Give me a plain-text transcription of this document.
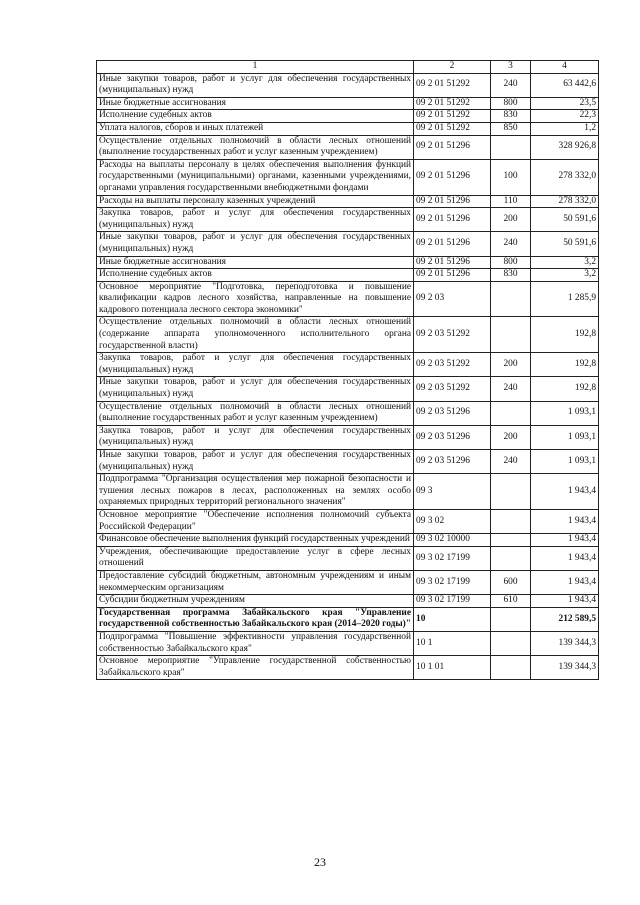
1	2	3	4
Иные закупки товаров, работ и услуг для обеспечения государственных (муниципальных) нужд	09 2 01 51292	240	63 442,6
Иные бюджетные ассигнования	09 2 01 51292	800	23,5
Исполнение судебных актов	09 2 01 51292	830	22,3
Уплата налогов, сборов и иных платежей	09 2 01 51292	850	1,2
Осуществление отдельных полномочий в области лесных отношений (выполнение государственных работ и услуг казенным учреждением)	09 2 01 51296		328 926,8
Расходы на выплаты персоналу в целях обеспечения выполнения функций государственными (муниципальными) органами, казенными учреждениями, органами управления государственными внебюджетными фондами	09 2 01 51296	100	278 332,0
Расходы на выплаты персоналу казенных учреждений	09 2 01 51296	110	278 332,0
Закупка товаров, работ и услуг для обеспечения государственных (муниципальных) нужд	09 2 01 51296	200	50 591,6
Иные закупки товаров, работ и услуг для обеспечения государственных (муниципальных) нужд	09 2 01 51296	240	50 591,6
Иные бюджетные ассигнования	09 2 01 51296	800	3,2
Исполнение судебных актов	09 2 01 51296	830	3,2
Основное мероприятие "Подготовка, переподготовка и повышение квалификации кадров лесного хозяйства, направленные на повышение кадрового потенциала лесного сектора экономики"	09 2 03		1 285,9
Осуществление отдельных полномочий в области лесных отношений (содержание аппарата уполномоченного исполнительного органа государственной власти)	09 2 03 51292		192,8
Закупка товаров, работ и услуг для обеспечения государственных (муниципальных) нужд	09 2 03 51292	200	192,8
Иные закупки товаров, работ и услуг для обеспечения государственных (муниципальных) нужд	09 2 03 51292	240	192,8
Осуществление отдельных полномочий в области лесных отношений (выполнение государственных работ и услуг казенным учреждением)	09 2 03 51296		1 093,1
Закупка товаров, работ и услуг для обеспечения государственных (муниципальных) нужд	09 2 03 51296	200	1 093,1
Иные закупки товаров, работ и услуг для обеспечения государственных (муниципальных) нужд	09 2 03 51296	240	1 093,1
Подпрограмма "Организация осуществления мер пожарной безопасности и тушения лесных пожаров в лесах, расположенных на землях особо охраняемых природных территорий регионального значения"	09 3		1 943,4
Основное мероприятие "Обеспечение исполнения полномочий субъекта Российской Федерации"	09 3 02		1 943,4
Финансовое обеспечение выполнения функций государственных учреждений	09 3 02 10000		1 943,4
Учреждения, обеспечивающие предоставление услуг в сфере лесных отношений	09 3 02 17199		1 943,4
Предоставление субсидий бюджетным, автономным учреждениям и иным некоммерческим организациям	09 3 02 17199	600	1 943,4
Субсидии бюджетным учреждениям	09 3 02 17199	610	1 943,4
Государственная программа Забайкальского края "Управление государственной собственностью Забайкальского края (2014–2020 годы)"	10		212 589,5
Подпрограмма "Повышение эффективности управления государственной собственностью Забайкальского края"	10 1		139 344,3
Основное мероприятие "Управление государственной собственностью Забайкальского края"	10 1 01		139 344,3
23
